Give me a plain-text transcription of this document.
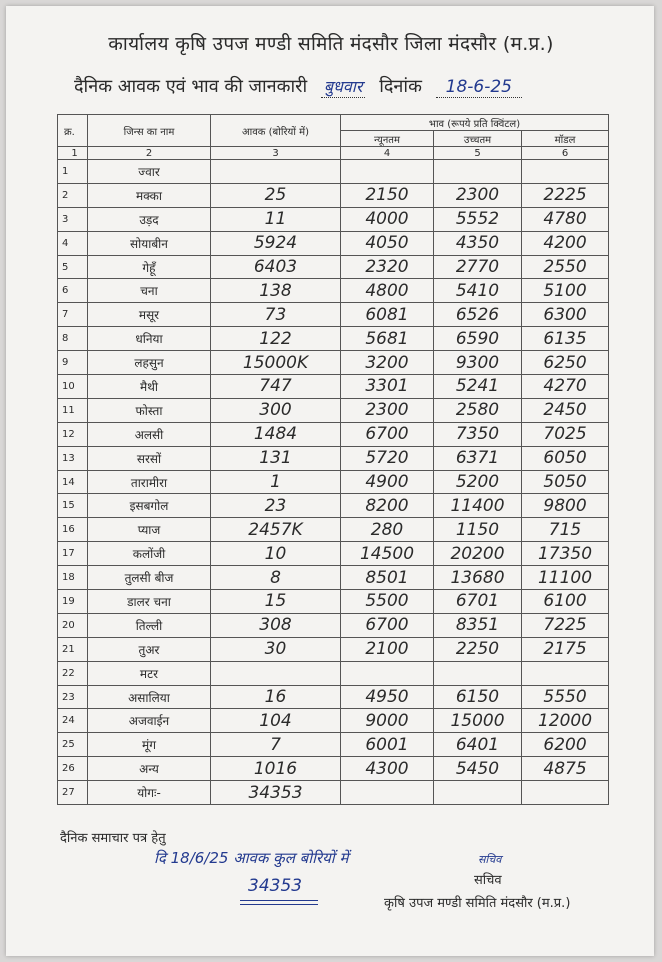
कार्यालय कृषि उपज मण्डी समिति मंदसौर जिला मंदसौर (म.प्र.)
दैनिक आवक एवं भाव की जानकारी बुधवार दिनांक 18-6-25
क्र.	जिन्स का नाम	आवक (बोरियों में)	भाव (रूपये प्रति क्विंटल)		
			न्यूनतम	उच्चतम	मॉडल
1	2	3	4	5	6
1	ज्वार				
2	मक्का	25	2150	2300	2225
3	उड़द	11	4000	5552	4780
4	सोयाबीन	5924	4050	4350	4200
5	गेहूँ	6403	2320	2770	2550
6	चना	138	4800	5410	5100
7	मसूर	73	6081	6526	6300
8	धनिया	122	5681	6590	6135
9	लहसुन	15000K	3200	9300	6250
10	मैथी	747	3301	5241	4270
11	फोस्ता	300	2300	2580	2450
12	अलसी	1484	6700	7350	7025
13	सरसों	131	5720	6371	6050
14	तारामीरा	1	4900	5200	5050
15	इसबगोल	23	8200	11400	9800
16	प्याज	2457K	280	1150	715
17	कलोंजी	10	14500	20200	17350
18	तुलसी बीज	8	8501	13680	11100
19	डालर चना	15	5500	6701	6100
20	तिल्ली	308	6700	8351	7225
21	तुअर	30	2100	2250	2175
22	मटर				
23	असालिया	16	4950	6150	5550
24	अजवाईन	104	9000	15000	12000
25	मूंग	7	6001	6401	6200
26	अन्य	1016	4300	5450	4875
27	योगः-	34353			
दैनिक समाचार पत्र हेतु
दि 18/6/25 आवक कुल बोरियों में
34353
सचिव
सचिव
कृषि उपज मण्डी समिति मंदसौर (म.प्र.)
